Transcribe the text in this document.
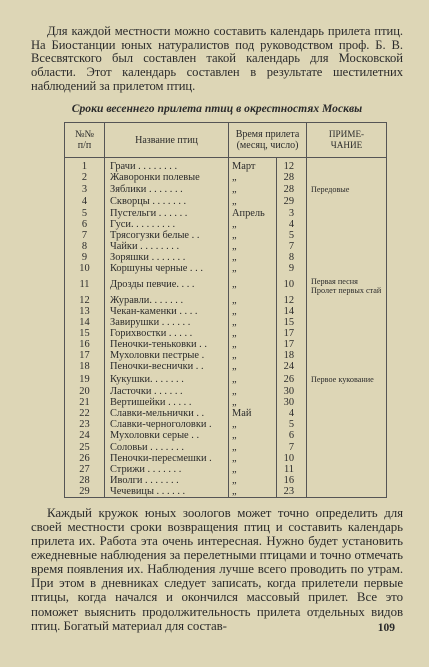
Для каждой местности можно составить календарь прилета птиц. На Биостанции юных натуралистов под руководством проф. Б. В. Всесвятского был составлен такой календарь для Московской области. Этот календарь составлен в результате шестилетних наблюдений за прилетом птиц.

Сроки весеннего прилета птиц в окрестностях Москвы
№№
п/п	Название птиц	Время прилета
(месяц, число)		ПРИМЕ-
ЧАНИЕ
1	Грачи . . . . . . . .	Март	12	
2	Жаворонки полевые	„	28	
3	Зяблики . . . . . . .	„	28	Передовые
4	Скворцы . . . . . . .	„	29	
5	Пустельги . . . . . .	Апрель	3	
6	Гуси. . . . . . . . .	„	4	
7	Трясогузки белые . .	„	5	
8	Чайки . . . . . . . .	„	7	
9	Зоряшки . . . . . . .	„	8	
10	Коршуны черные . . .	„	9	
11	Дрозды певчие. . . .	„	10	Первая песня Пролет первых стай
12	Журавли. . . . . . .	„	12	
13	Чекан-каменки . . . .	„	14	
14	Завирушки . . . . . .	„	15	
15	Горихвостки . . . . .	„	17	
16	Пеночки-теньковки . .	„	17	
17	Мухоловки пестрые .	„	18	
18	Пеночки-веснички . .	„	24	
19	Кукушки. . . . . . .	„	26	Первое кукование
20	Ласточки . . . . . .	„	30	
21	Вертишейки . . . . .	„	30	
22	Славки-мельнички . .	Май	4	
23	Славки-черноголовки .	„	5	
24	Мухоловки серые . .	„	6	
25	Соловьи . . . . . . .	„	7	
26	Пеночки-пересмешки .	„	10	
27	Стрижи . . . . . . .	„	11	
28	Иволги . . . . . . .	„	16	
29	Чечевицы . . . . . .	„	23	

Каждый кружок юных зоологов может точно определить для своей местности сроки возвращения птиц и составить календарь прилета их. Работа эта очень интересная. Нужно будет установить ежедневные наблюдения за перелетными птицами и точно отмечать время появления их. Наблюдения лучше всего проводить по утрам. При этом в дневниках следует записать, когда прилетели первые птицы, когда начался и окончился массовый прилет. Все это поможет выяснить продолжительность прилета отдельных видов птиц. Богатый материал для состав-	109
